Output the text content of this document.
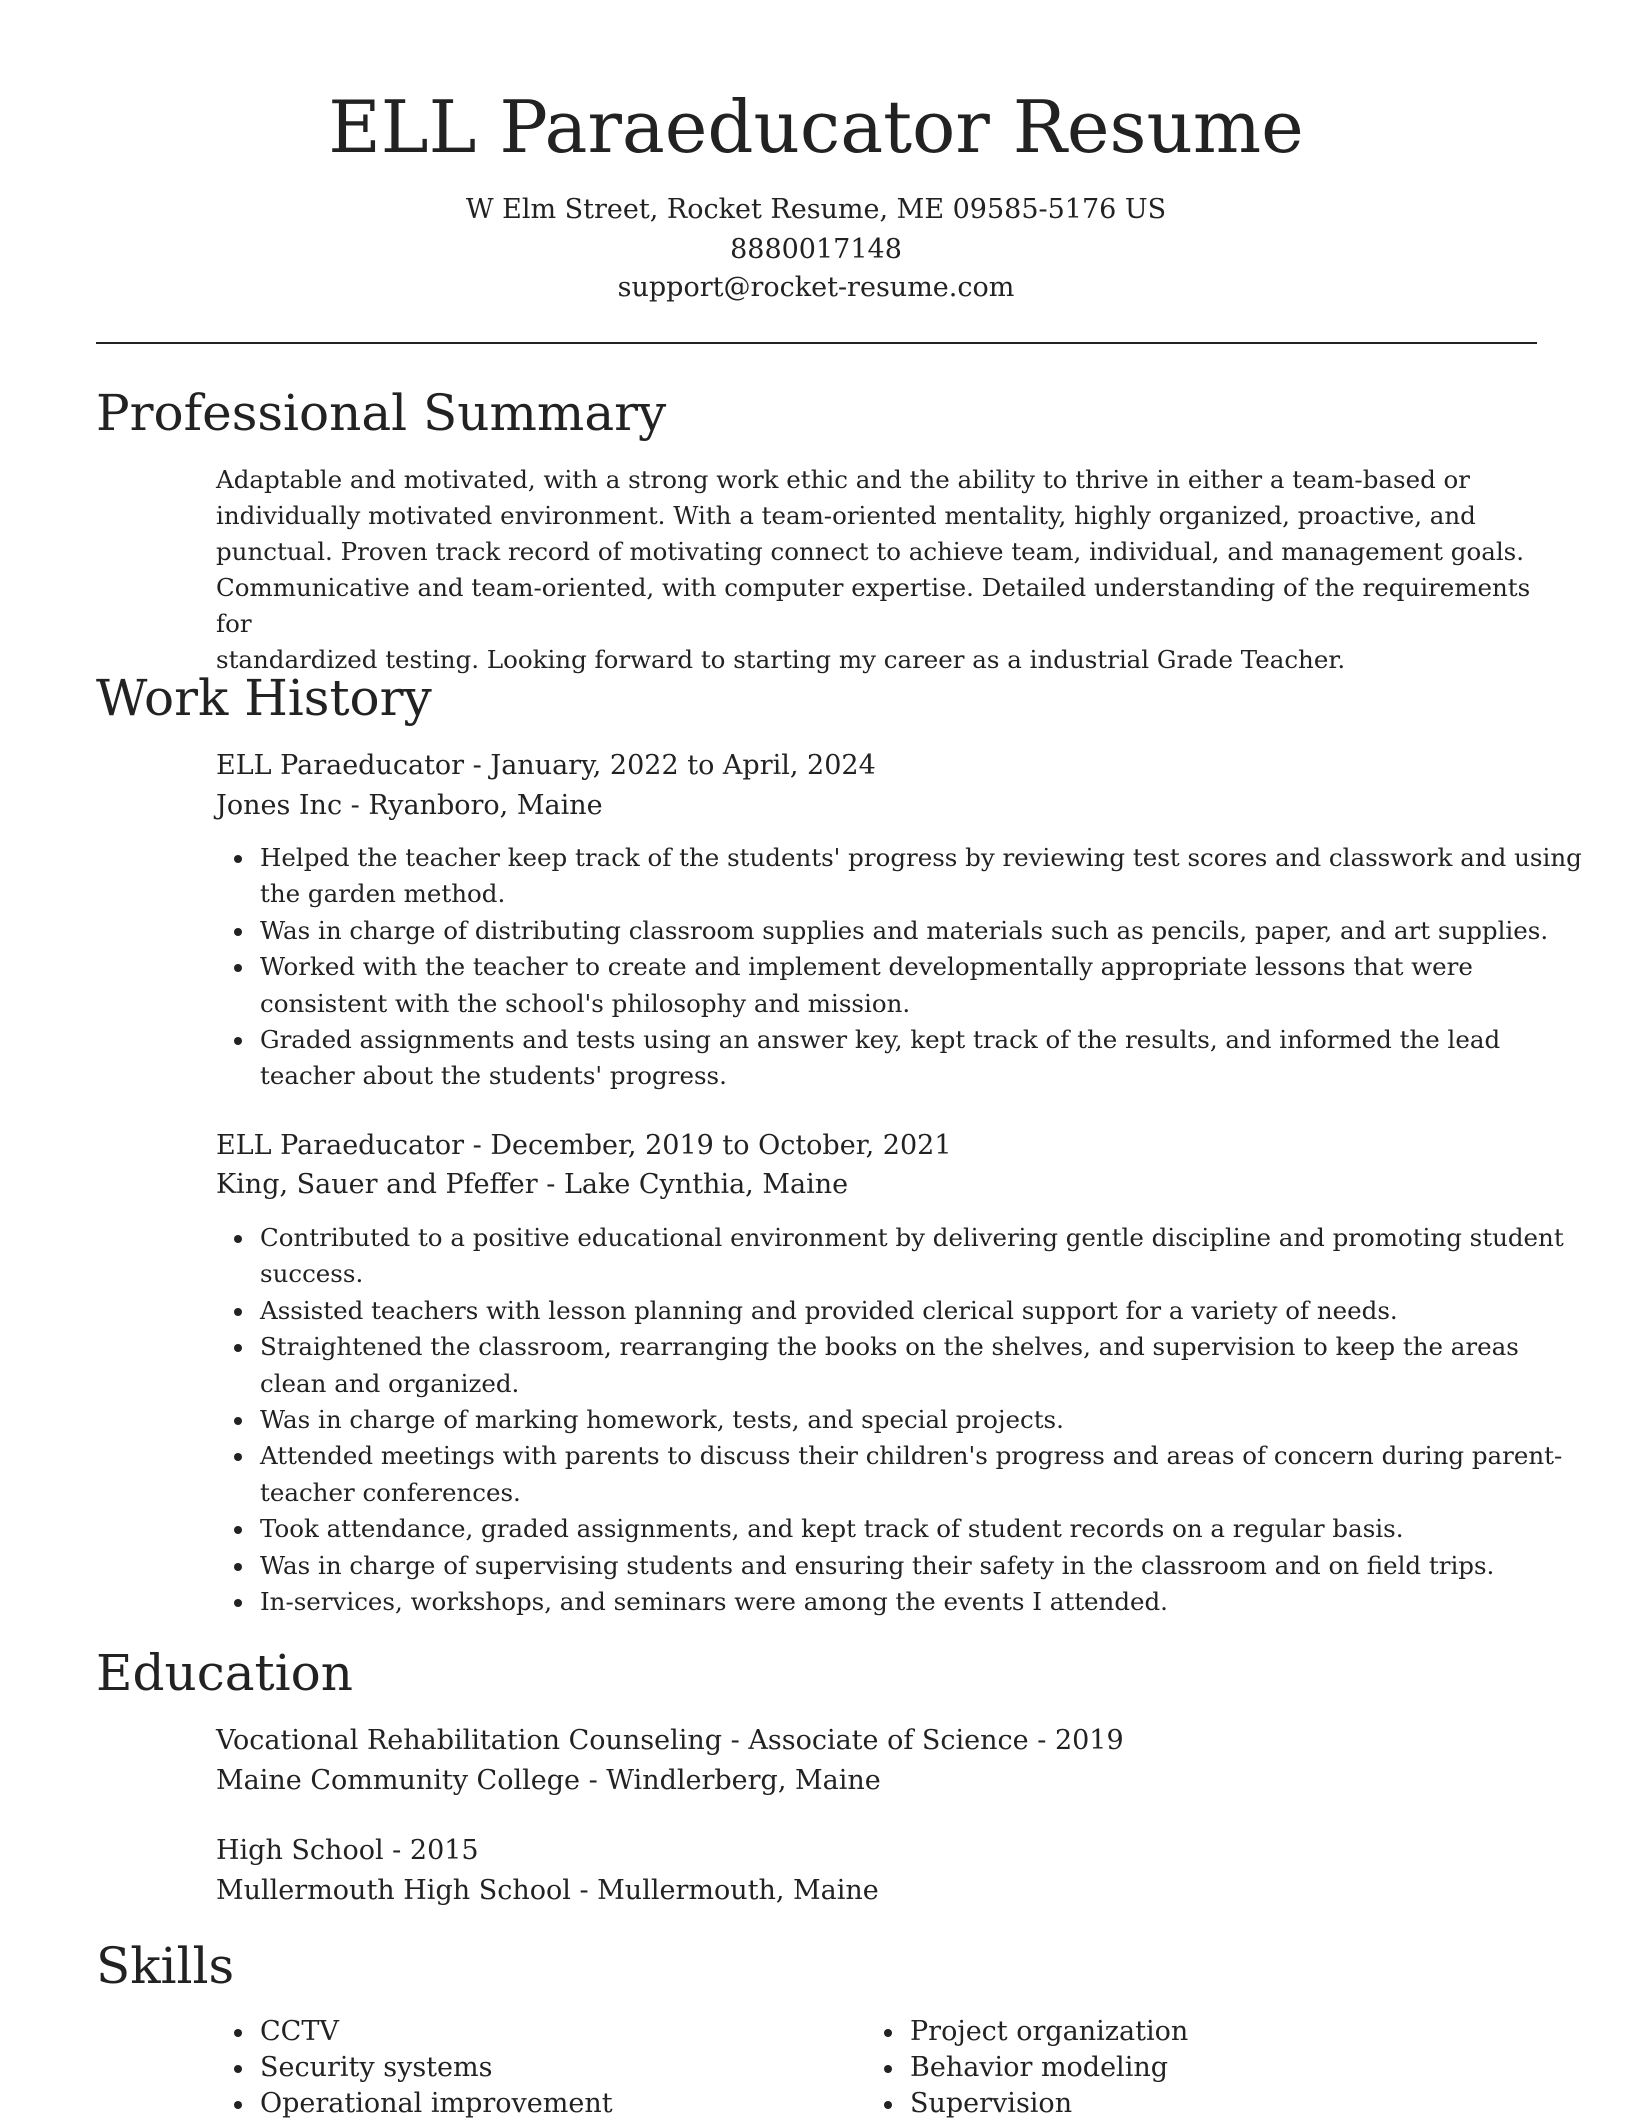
ELL Paraeducator Resume
W Elm Street, Rocket Resume, ME 09585-5176 US
8880017148
support@rocket-resume.com
Professional Summary
Adaptable and motivated, with a strong work ethic and the ability to thrive in either a team-based or
individually motivated environment. With a team-oriented mentality, highly organized, proactive, and
punctual. Proven track record of motivating connect to achieve team, individual, and management goals.
Communicative and team-oriented, with computer expertise. Detailed understanding of the requirements for
standardized testing. Looking forward to starting my career as a industrial Grade Teacher.
Work History
ELL Paraeducator - January, 2022 to April, 2024
Jones Inc - Ryanboro, Maine
Helped the teacher keep track of the students' progress by reviewing test scores and classwork and using the garden method.
Was in charge of distributing classroom supplies and materials such as pencils, paper, and art supplies.
Worked with the teacher to create and implement developmentally appropriate lessons that were consistent with the school's philosophy and mission.
Graded assignments and tests using an answer key, kept track of the results, and informed the lead teacher about the students' progress.
ELL Paraeducator - December, 2019 to October, 2021
King, Sauer and Pfeffer - Lake Cynthia, Maine
Contributed to a positive educational environment by delivering gentle discipline and promoting student success.
Assisted teachers with lesson planning and provided clerical support for a variety of needs.
Straightened the classroom, rearranging the books on the shelves, and supervision to keep the areas clean and organized.
Was in charge of marking homework, tests, and special projects.
Attended meetings with parents to discuss their children's progress and areas of concern during parent-teacher conferences.
Took attendance, graded assignments, and kept track of student records on a regular basis.
Was in charge of supervising students and ensuring their safety in the classroom and on field trips.
In-services, workshops, and seminars were among the events I attended.
Education
Vocational Rehabilitation Counseling - Associate of Science - 2019
Maine Community College - Windlerberg, Maine
High School - 2015
Mullermouth High School - Mullermouth, Maine
Skills
CCTV
Security systems
Operational improvement
Project organization
Behavior modeling
Supervision
